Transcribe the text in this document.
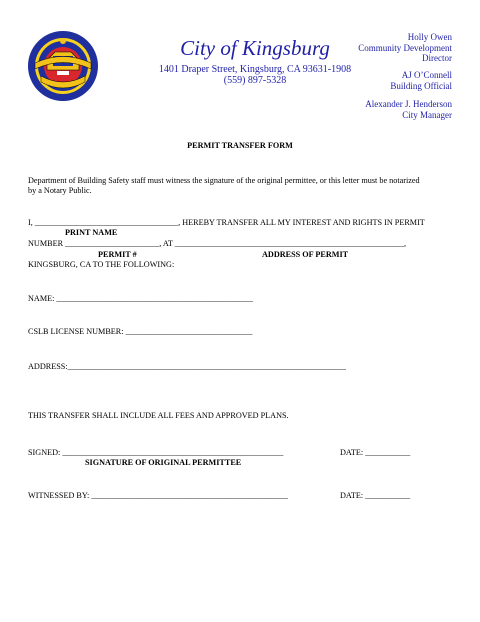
City of Kingsburg
1401 Draper Street, Kingsburg, CA 93631-1908
(559) 897-5328
Holly Owen
Community Development
Director
AJ O’Connell
Building Official
Alexander J. Henderson
City Manager
PERMIT TRANSFER FORM
Department of Building Safety staff must witness the signature of the original permittee, or this letter must be notarized
by a Notary Public.
I, ___________________________________, HEREBY TRANSFER ALL MY INTEREST AND RIGHTS IN PERMIT
PRINT NAME
NUMBER _______________________, AT ________________________________________________________,
PERMIT #	ADDRESS OF PERMIT
KINGSBURG, CA TO THE FOLLOWING:
NAME: ________________________________________________
CSLB LICENSE NUMBER: _______________________________
ADDRESS:____________________________________________________________________
THIS TRANSFER SHALL INCLUDE ALL FEES AND APPROVED PLANS.
SIGNED: ______________________________________________________	DATE: ___________
SIGNATURE OF ORIGINAL PERMITTEE
WITNESSED BY: ________________________________________________	DATE: ___________
